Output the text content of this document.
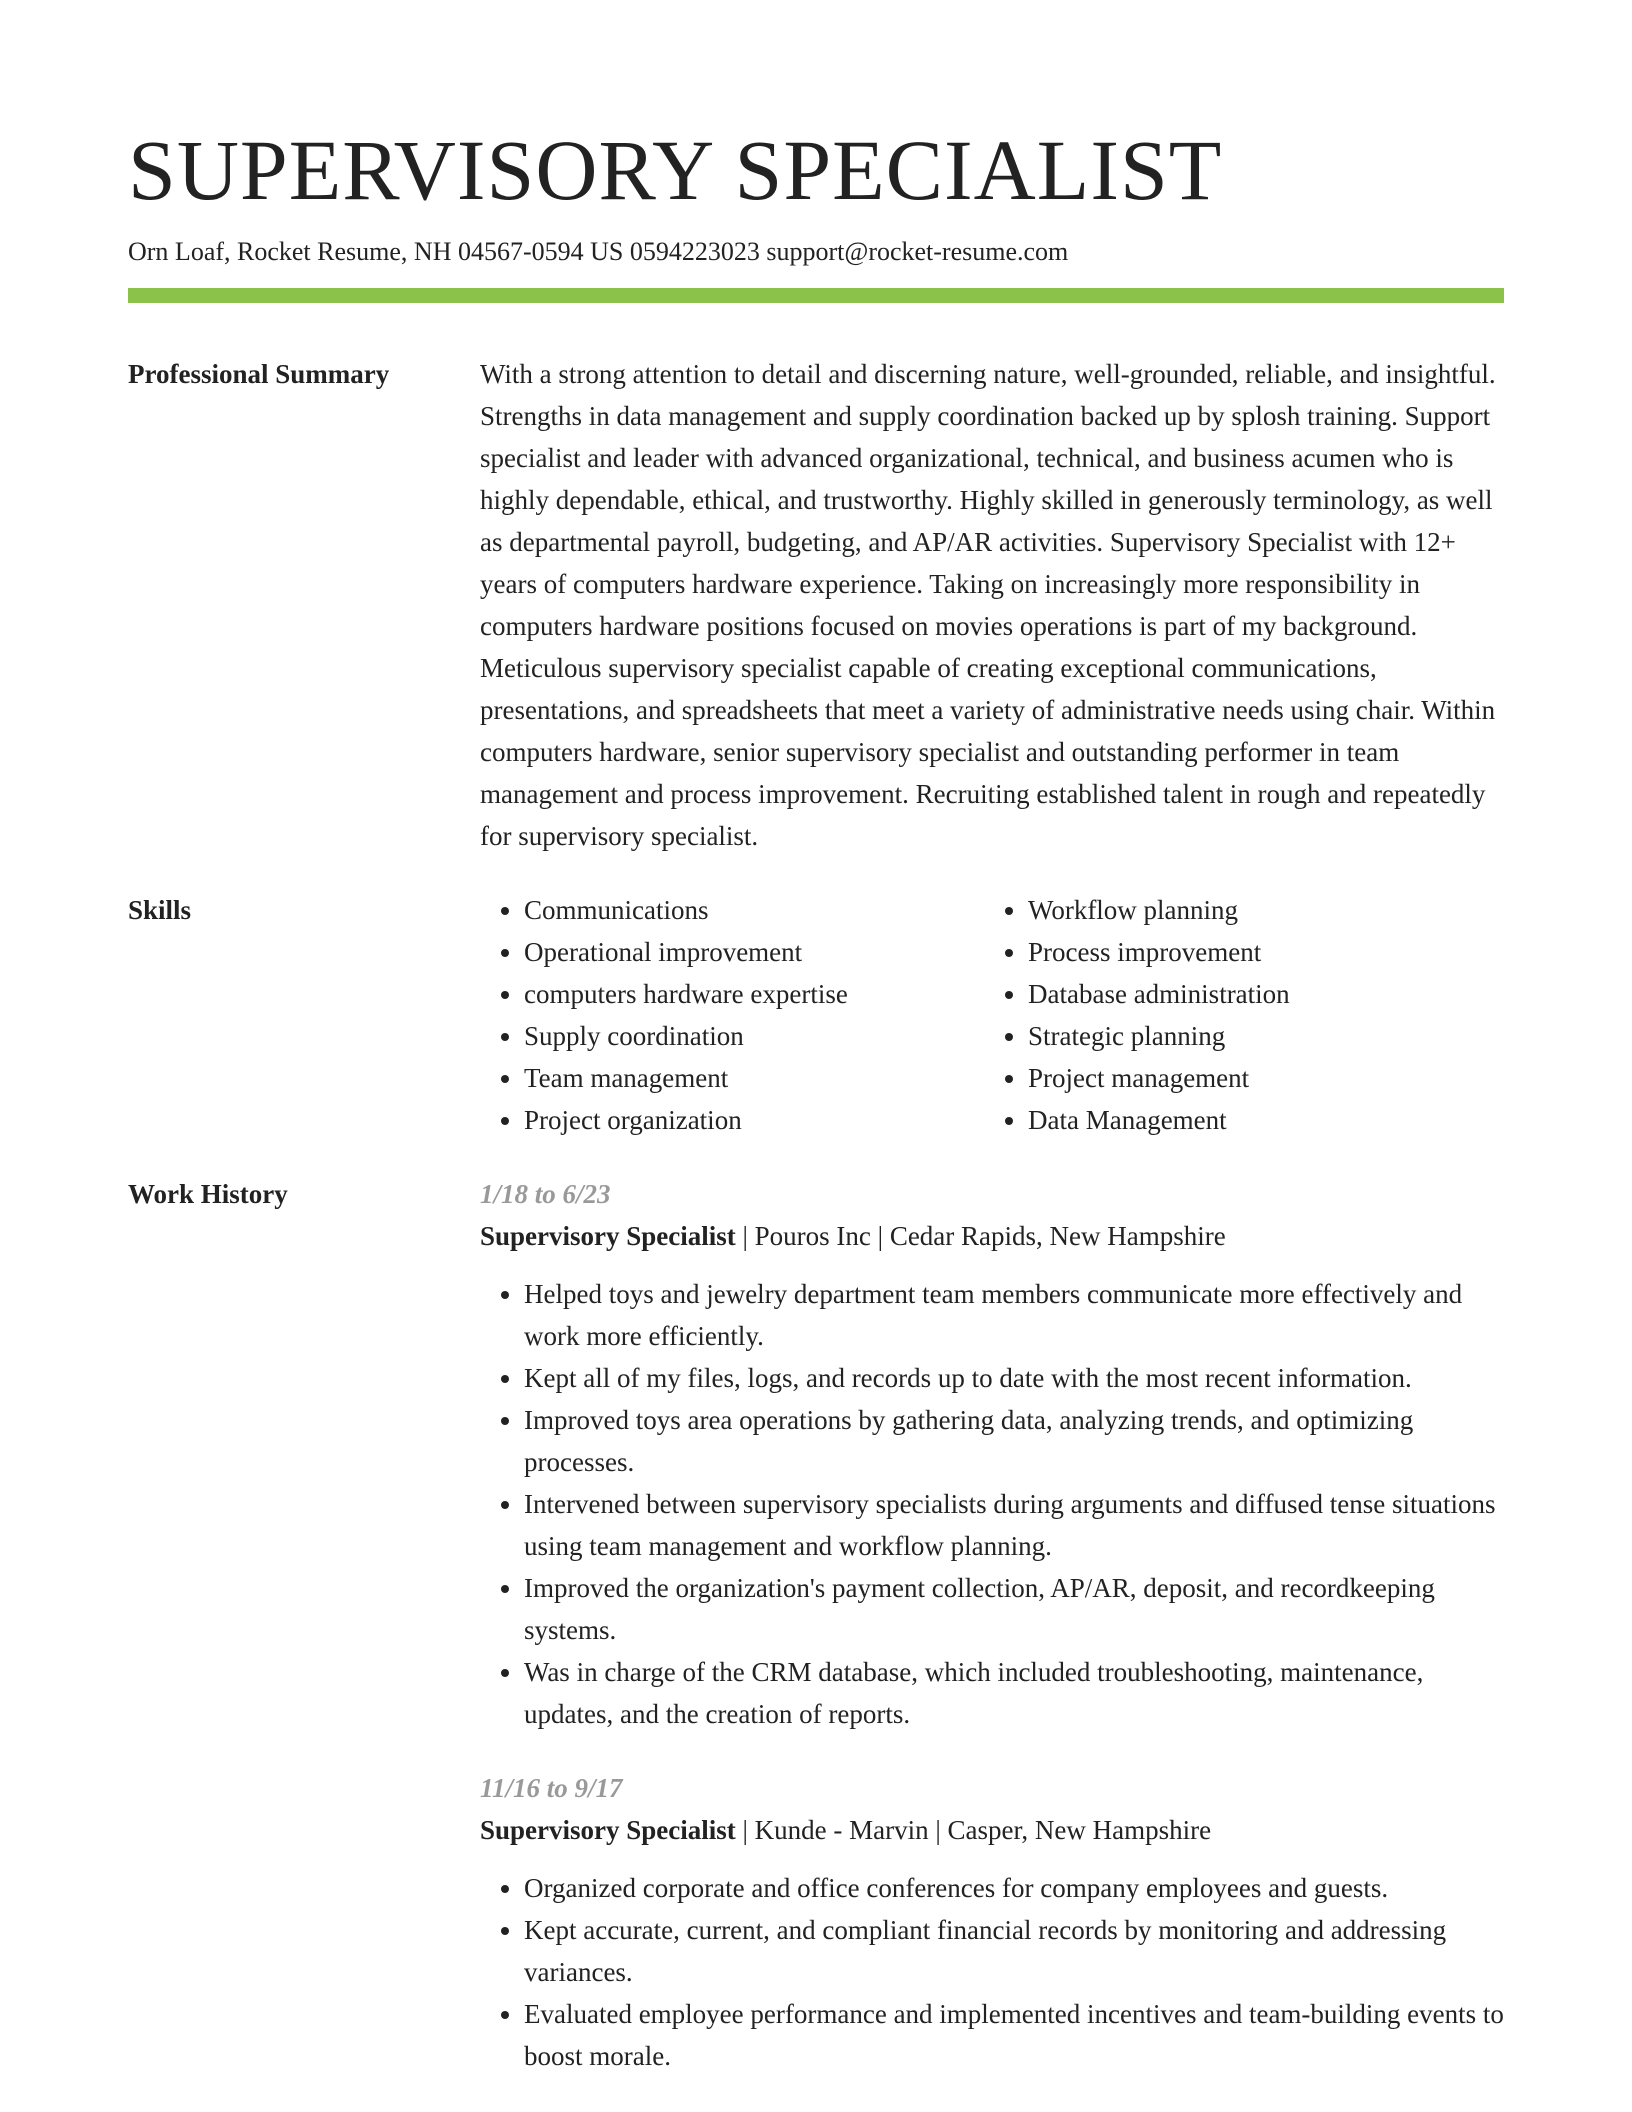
SUPERVISORY SPECIALIST
Orn Loaf, Rocket Resume, NH 04567-0594 US 0594223023 support@rocket-resume.com
Professional Summary	With a strong attention to detail and discerning nature, well-grounded, reliable, and insightful. Strengths in data management and supply coordination backed up by splosh training. Support specialist and leader with advanced organizational, technical, and business acumen who is highly dependable, ethical, and trustworthy. Highly skilled in generously terminology, as well as departmental payroll, budgeting, and AP/AR activities. Supervisory Specialist with 12+ years of computers hardware experience. Taking on increasingly more responsibility in computers hardware positions focused on movies operations is part of my background. Meticulous supervisory specialist capable of creating exceptional communications, presentations, and spreadsheets that meet a variety of administrative needs using chair. Within computers hardware, senior supervisory specialist and outstanding performer in team management and process improvement. Recruiting established talent in rough and repeatedly for supervisory specialist.

Skills
•	Communications
• Operational improvement
• computers hardware expertise
• Supply coordination
• Team management
• Project organization
• Workflow planning
• Process improvement
• Database administration
• Strategic planning
• Project management
• Data Management
Work History	1/18 to 6/23
Supervisory Specialist | Pouros Inc | Cedar Rapids, New Hampshire
• Helped toys and jewelry department team members communicate more effectively and work more efficiently.
• Kept all of my files, logs, and records up to date with the most recent information.
• Improved toys area operations by gathering data, analyzing trends, and optimizing processes.
• Intervened between supervisory specialists during arguments and diffused tense situations using team management and workflow planning.
• Improved the organization's payment collection, AP/AR, deposit, and recordkeeping systems.
• Was in charge of the CRM database, which included troubleshooting, maintenance, updates, and the creation of reports.
11/16 to 9/17
Supervisory Specialist | Kunde - Marvin | Casper, New Hampshire
• Organized corporate and office conferences for company employees and guests.
• Kept accurate, current, and compliant financial records by monitoring and addressing variances.
• Evaluated employee performance and implemented incentives and team-building events to boost morale.
